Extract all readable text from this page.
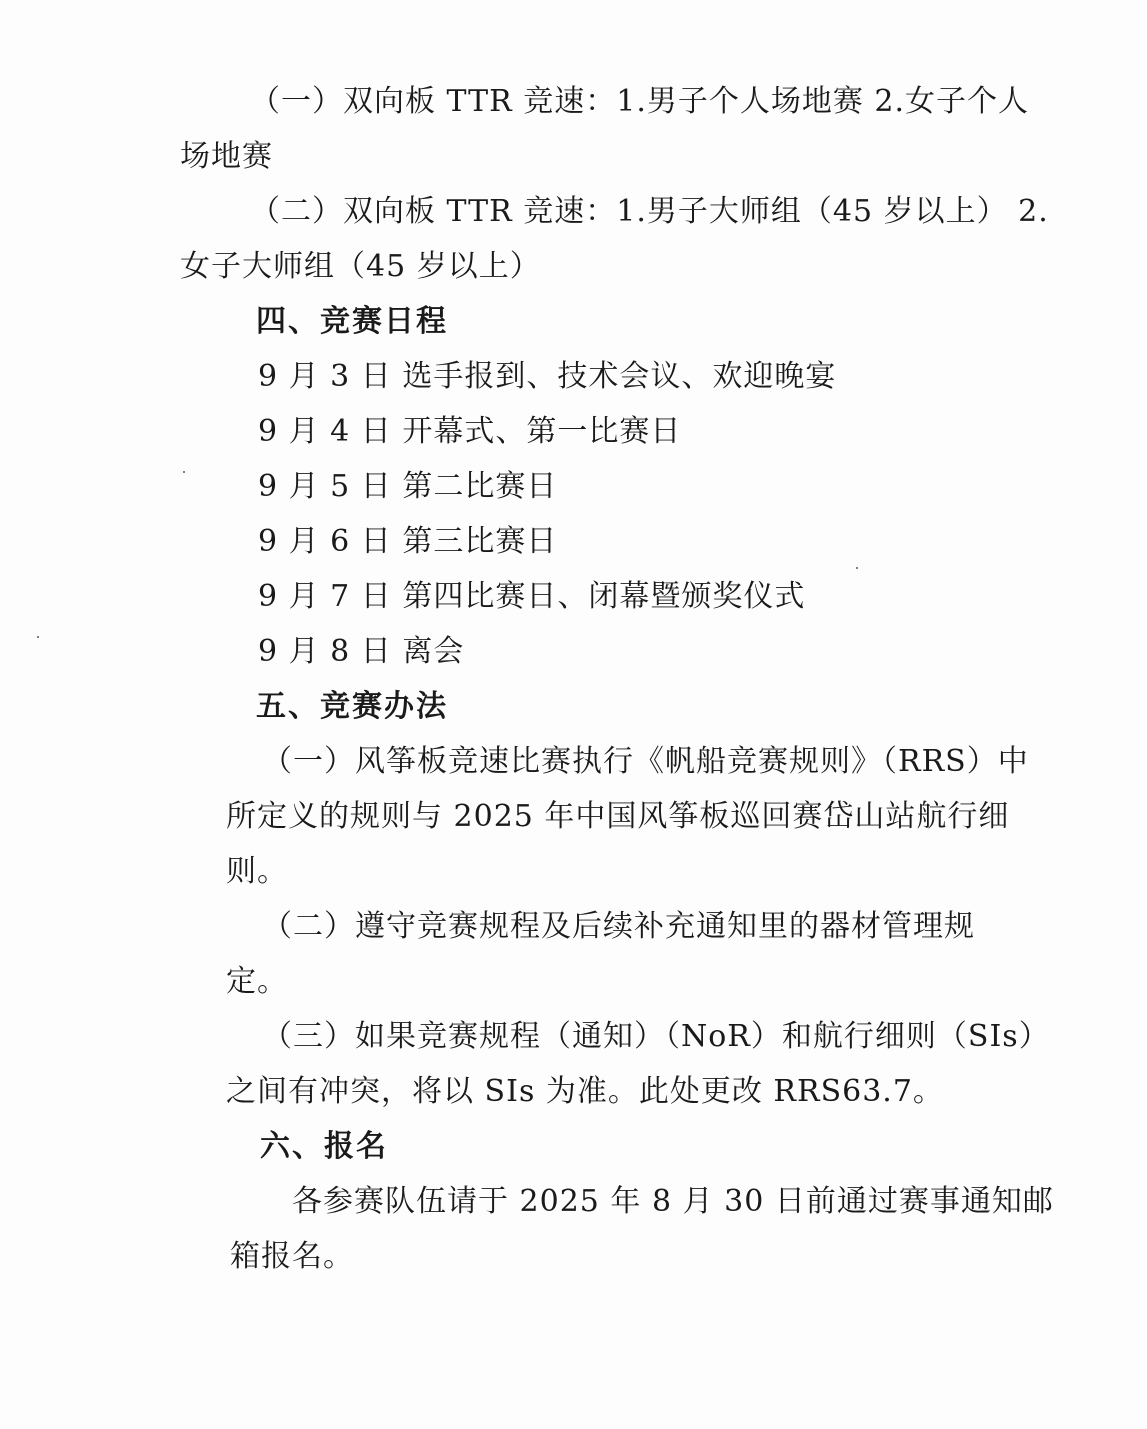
（一）双向板 TTR 竞速：1.男子个人场地赛 2.女子个人
场地赛
（二）双向板 TTR 竞速：1.男子大师组（45 岁以上） 2.
女子大师组（45 岁以上）
四、竞赛日程
9 月 3 日 选手报到、技术会议、欢迎晚宴
9 月 4 日 开幕式、第一比赛日
9 月 5 日 第二比赛日
9 月 6 日 第三比赛日
9 月 7 日 第四比赛日、闭幕暨颁奖仪式
9 月 8 日 离会
五、竞赛办法
（一）风筝板竞速比赛执行《帆船竞赛规则》（RRS）中
所定义的规则与 2025 年中国风筝板巡回赛岱山站航行细
则。
（二）遵守竞赛规程及后续补充通知里的器材管理规
定。
（三）如果竞赛规程（通知）（NoR）和航行细则（SIs）
之间有冲突，将以 SIs 为准。此处更改 RRS63.7。
六、报名
各参赛队伍请于 2025 年 8 月 30 日前通过赛事通知邮
箱报名。
